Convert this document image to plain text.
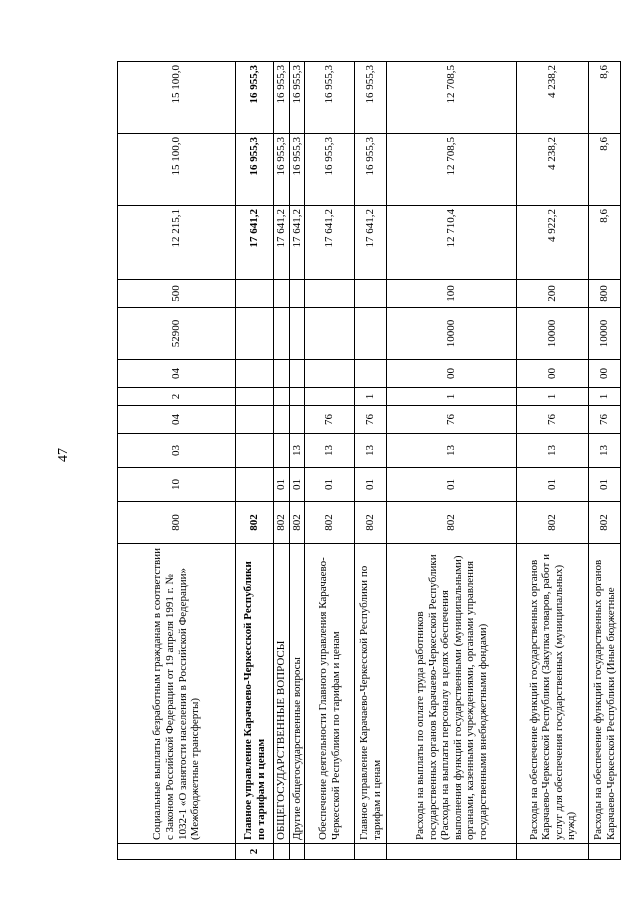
47
	Социальные выплаты безработным гражданам в соответствии с Законом Российской Федерации от 19 апреля 1991 г. № 1032-1 «О занятости населения в Российской Федерации» (Межбюджетные трансферты)	800	10	03	04	2	04	52900	500	12 215,1	15 100,0	15 100,0
2	Главное управление Карачаево-Черкесской Республики по тарифам и ценам	802								17 641,2	16 955,3	16 955,3
	ОБЩЕГОСУДАРСТВЕННЫЕ ВОПРОСЫ	802	01							17 641,2	16 955,3	16 955,3
	Другие общегосударственные вопросы	802	01	13						17 641,2	16 955,3	16 955,3
	Обеспечение деятельности Главного управления Карачаево-Черкесской Республики по тарифам и ценам	802	01	13	76					17 641,2	16 955,3	16 955,3
	Главное управление Карачаево-Черкесской Республики по тарифам и ценам	802	01	13	76	1				17 641,2	16 955,3	16 955,3
	Расходы на выплаты по оплате труда работников государственных органов Карачаево-Черкесской Республики (Расходы на выплаты персоналу в целях обеспечения выполнения функций государственными (муниципальными) органами, казенными учреждениями, органами управления государственными внебюджетными фондами)	802	01	13	76	1	00	10000	100	12 710,4	12 708,5	12 708,5
	Расходы на обеспечение функций государственных органов Карачаево-Черкесской Республики (Закупка товаров, работ и услуг для обеспечения государственных (муниципальных) нужд)	802	01	13	76	1	00	10000	200	4 922,2	4 238,2	4 238,2
	Расходы на обеспечение функций государственных органов Карачаево-Черкесской Республики (Иные бюджетные	802	01	13	76	1	00	10000	800	8,6	8,6	8,6
